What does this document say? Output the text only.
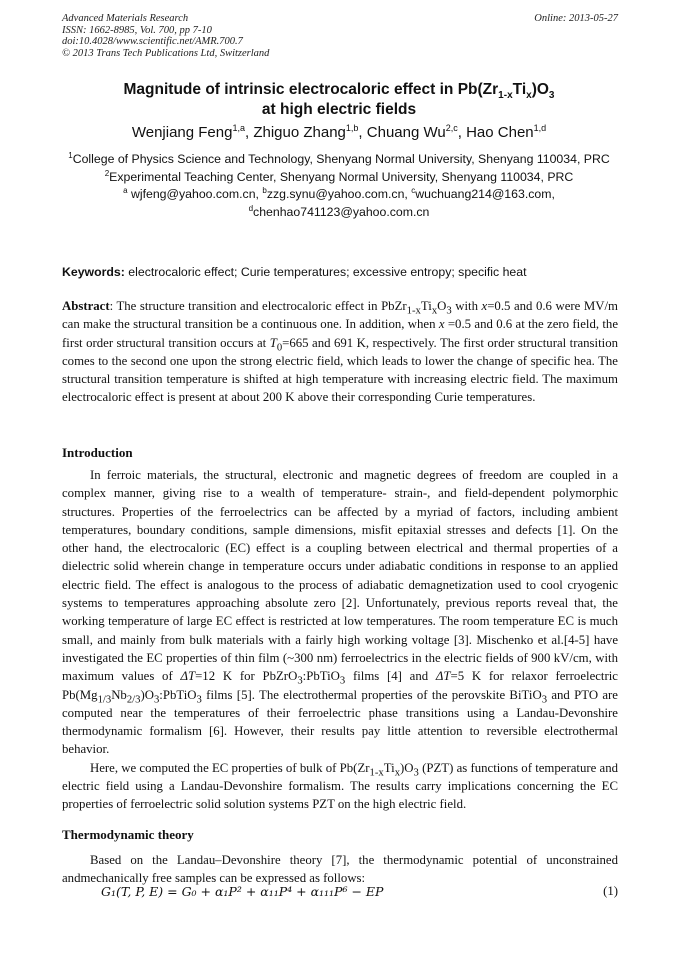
Advanced Materials Research
ISSN: 1662-8985, Vol. 700, pp 7-10
doi:10.4028/www.scientific.net/AMR.700.7
© 2013 Trans Tech Publications Ltd, Switzerland
Online: 2013-05-27
Magnitude of intrinsic electrocaloric effect in $Pb(Zr_{1-x}Ti_x)O_3$
at high electric fields
Wenjiang Feng$^{1,a}$, Zhiguo Zhang$^{1,b}$, Chuang Wu$^{2,c}$, Hao Chen$^{1,d}$
$^1$College of Physics Science and Technology, Shenyang Normal University, Shenyang 110034, PRC
$^2$Experimental Teaching Center, Shenyang Normal University, Shenyang 110034, PRC
$^a$ wjfeng@yahoo.com.cn, $^b$zzg.synu@yahoo.com.cn, $^c$wuchuang214@163.com,
$^d$chenhao741123@yahoo.com.cn
Keywords: electrocaloric effect; Curie temperatures; excessive entropy; specific heat

Abstract: The structure transition and electrocaloric effect in $PbZr_{1-x}Ti_xO_3$ with x=0.5 and 0.6 were MV/m can make the structural transition be a continuous one. In addition, when x =0.5 and 0.6 at the zero field, the first order structural transition occurs at $T_0=665$ and 691 K, respectively. The first order structural transition comes to the second one upon the strong electric field, which leads to lower the change of specific hea. The structural transition temperature is shifted at high temperature with increasing electric field. The maximum electrocaloric effect is present at about 200 K above their corresponding Curie temperatures.

Introduction

In ferroic materials, the structural, electronic and magnetic degrees of freedom are coupled in a complex manner, giving rise to a wealth of temperature- strain-, and field-dependent polymorphic structures. Properties of the ferroelectrics can be affected by a myriad of factors, including ambient temperatures, boundary conditions, sample dimensions, misfit epitaxial stresses and defects [1]. On the other hand, the electrocaloric (EC) effect is a coupling between electrical and thermal properties of a dielectric solid wherein change in temperature occurs under adiabatic conditions in response to an applied electric field. The effect is analogous to the process of adiabatic demagnetization used to cool cryogenic systems to temperatures approaching absolute zero [2]. Unfortunately, previous reports reveal that, the working temperature of large EC effect is restricted at low temperatures. The room temperature EC is much small, and mainly from bulk materials with a fairly high working voltage [3]. Mischenko et al.[4-5] have investigated the EC properties of thin film (~300 nm) ferroelectrics in the electric fields of 900 kV/cm, with maximum values of ΔT=12 K for PbZrO$_3$:PbTiO$_3$ films [4] and ΔT=5 K for relaxor ferroelectric $Pb(Mg_{1/3}Nb_{2/3})O_3:PbTiO_3$ films [5]. The electrothermal properties of the perovskite BiTiO$_3$ and PTO are computed near the temperatures of their ferroelectric phase transitions using a Landau-Devonshire thermodynamic formalism [6]. However, their results pay little attention to reversible electrothermal behavior.

Here, we computed the EC properties of bulk of $Pb(Zr_{1-x}Ti_x)O_3$ (PZT) as functions of temperature and electric field using a Landau-Devonshire formalism. The results carry implications concerning the EC properties of ferroelectric solid solution systems PZT on the high electric field.

Thermodynamic theory

Based on the Landau–Devonshire theory [7], the thermodynamic potential of unconstrained andmechanically free samples can be expressed as follows:

G₁(T, P, E) = G₀ + α₁P² + α₁₁P⁴ + α₁₁₁P⁶ − EP	(1)
